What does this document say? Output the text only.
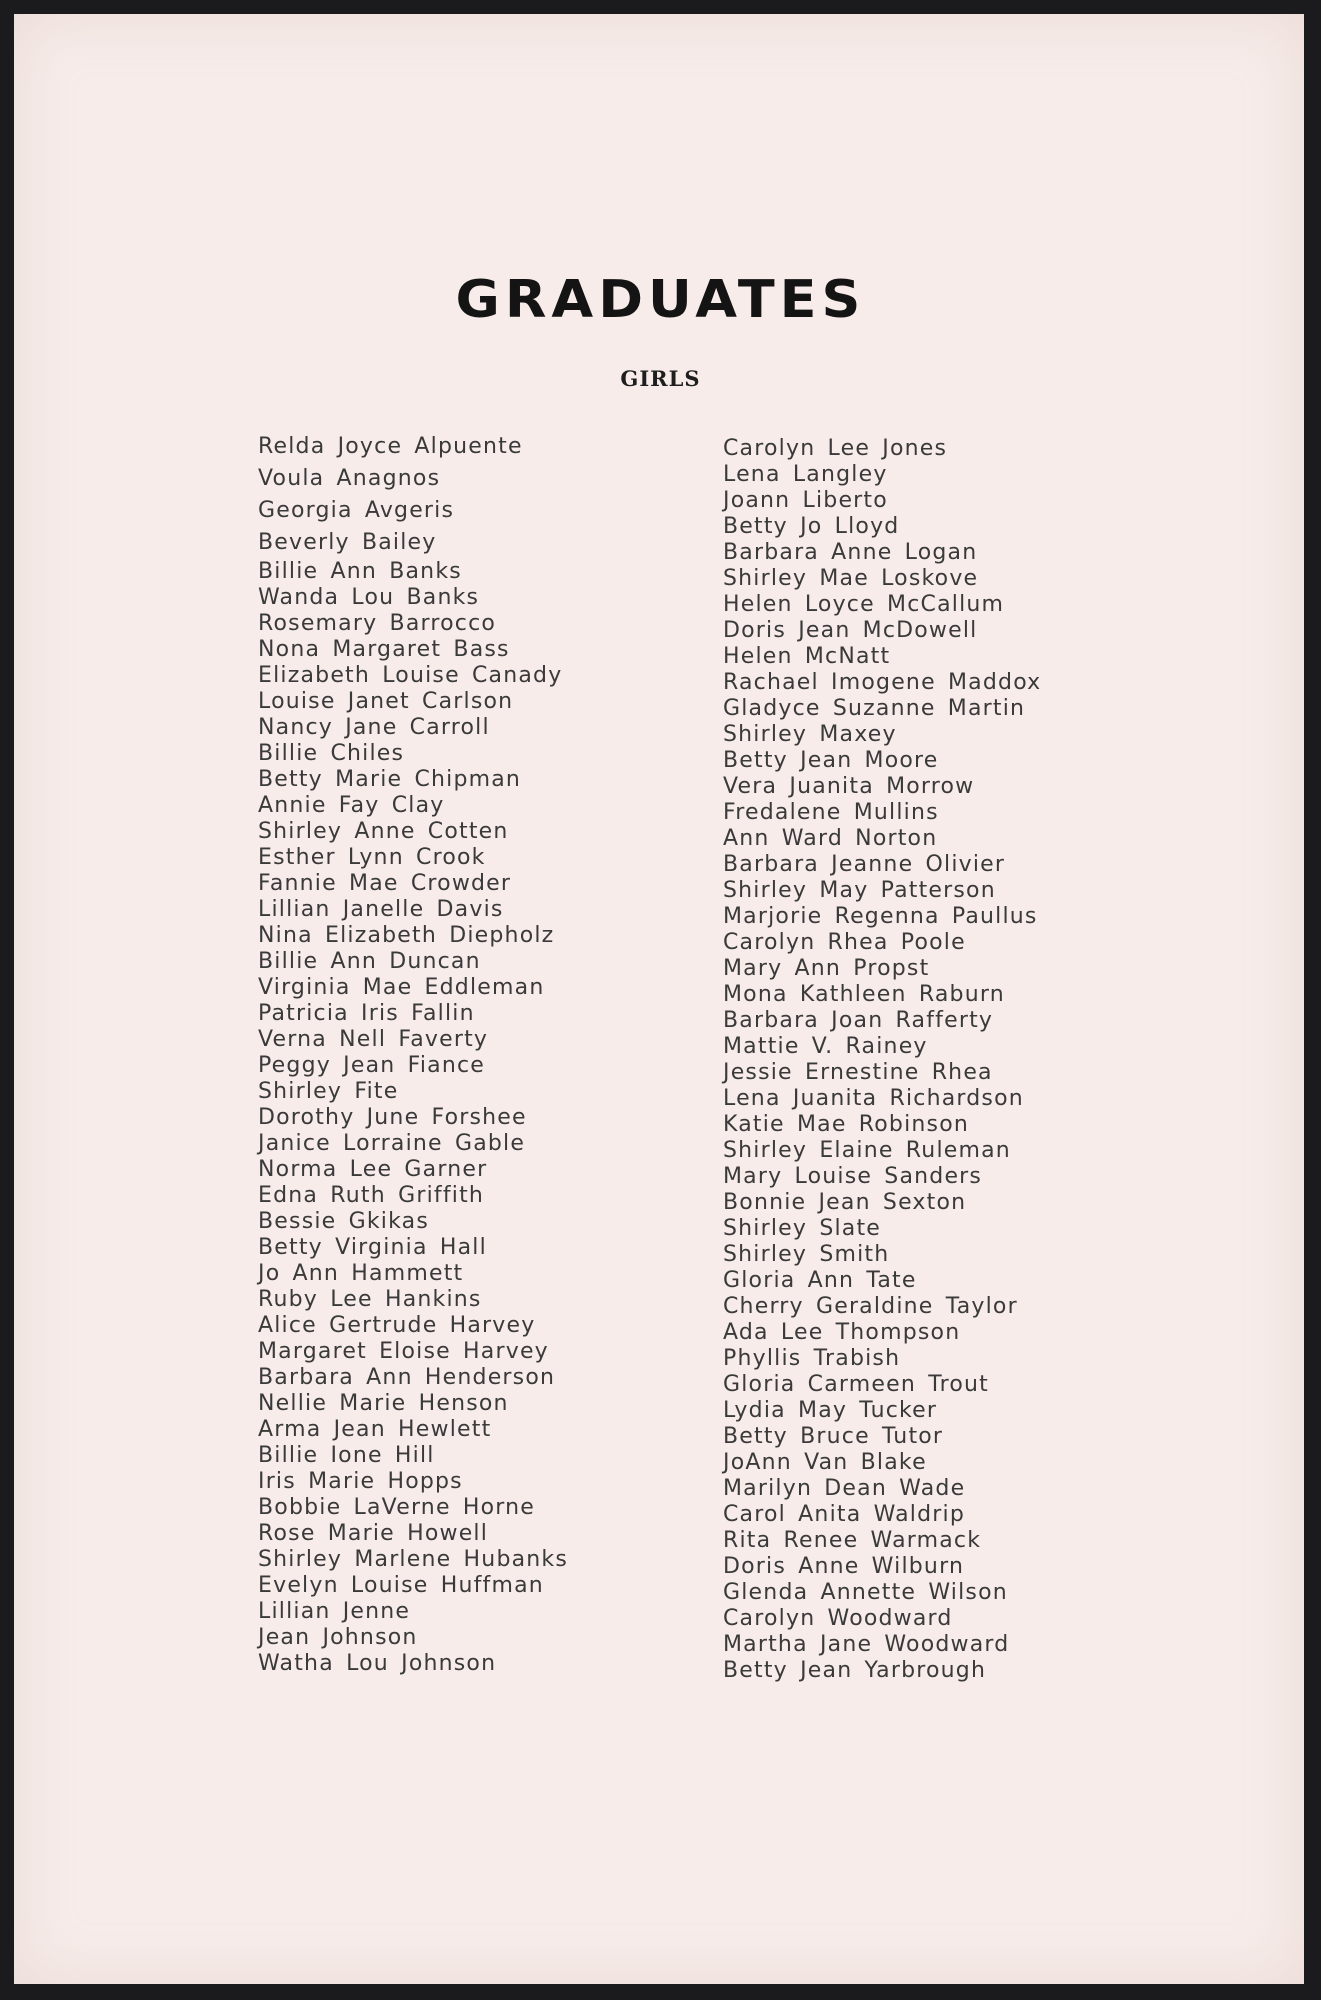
GRADUATES
GIRLS
Relda Joyce Alpuente
Voula Anagnos
Georgia Avgeris
Beverly Bailey
Billie Ann Banks
Wanda Lou Banks
Rosemary Barrocco
Nona Margaret Bass
Elizabeth Louise Canady
Louise Janet Carlson
Nancy Jane Carroll
Billie Chiles
Betty Marie Chipman
Annie Fay Clay
Shirley Anne Cotten
Esther Lynn Crook
Fannie Mae Crowder
Lillian Janelle Davis
Nina Elizabeth Diepholz
Billie Ann Duncan
Virginia Mae Eddleman
Patricia Iris Fallin
Verna Nell Faverty
Peggy Jean Fiance
Shirley Fite
Dorothy June Forshee
Janice Lorraine Gable
Norma Lee Garner
Edna Ruth Griffith
Bessie Gkikas
Betty Virginia Hall
Jo Ann Hammett
Ruby Lee Hankins
Alice Gertrude Harvey
Margaret Eloise Harvey
Barbara Ann Henderson
Nellie Marie Henson
Arma Jean Hewlett
Billie Ione Hill
Iris Marie Hopps
Bobbie LaVerne Horne
Rose Marie Howell
Shirley Marlene Hubanks
Evelyn Louise Huffman
Lillian Jenne
Jean Johnson
Watha Lou Johnson
Carolyn Lee Jones
Lena Langley
Joann Liberto
Betty Jo Lloyd
Barbara Anne Logan
Shirley Mae Loskove
Helen Loyce McCallum
Doris Jean McDowell
Helen McNatt
Rachael Imogene Maddox
Gladyce Suzanne Martin
Shirley Maxey
Betty Jean Moore
Vera Juanita Morrow
Fredalene Mullins
Ann Ward Norton
Barbara Jeanne Olivier
Shirley May Patterson
Marjorie Regenna Paullus
Carolyn Rhea Poole
Mary Ann Propst
Mona Kathleen Raburn
Barbara Joan Rafferty
Mattie V. Rainey
Jessie Ernestine Rhea
Lena Juanita Richardson
Katie Mae Robinson
Shirley Elaine Ruleman
Mary Louise Sanders
Bonnie Jean Sexton
Shirley Slate
Shirley Smith
Gloria Ann Tate
Cherry Geraldine Taylor
Ada Lee Thompson
Phyllis Trabish
Gloria Carmeen Trout
Lydia May Tucker
Betty Bruce Tutor
JoAnn Van Blake
Marilyn Dean Wade
Carol Anita Waldrip
Rita Renee Warmack
Doris Anne Wilburn
Glenda Annette Wilson
Carolyn Woodward
Martha Jane Woodward
Betty Jean Yarbrough
